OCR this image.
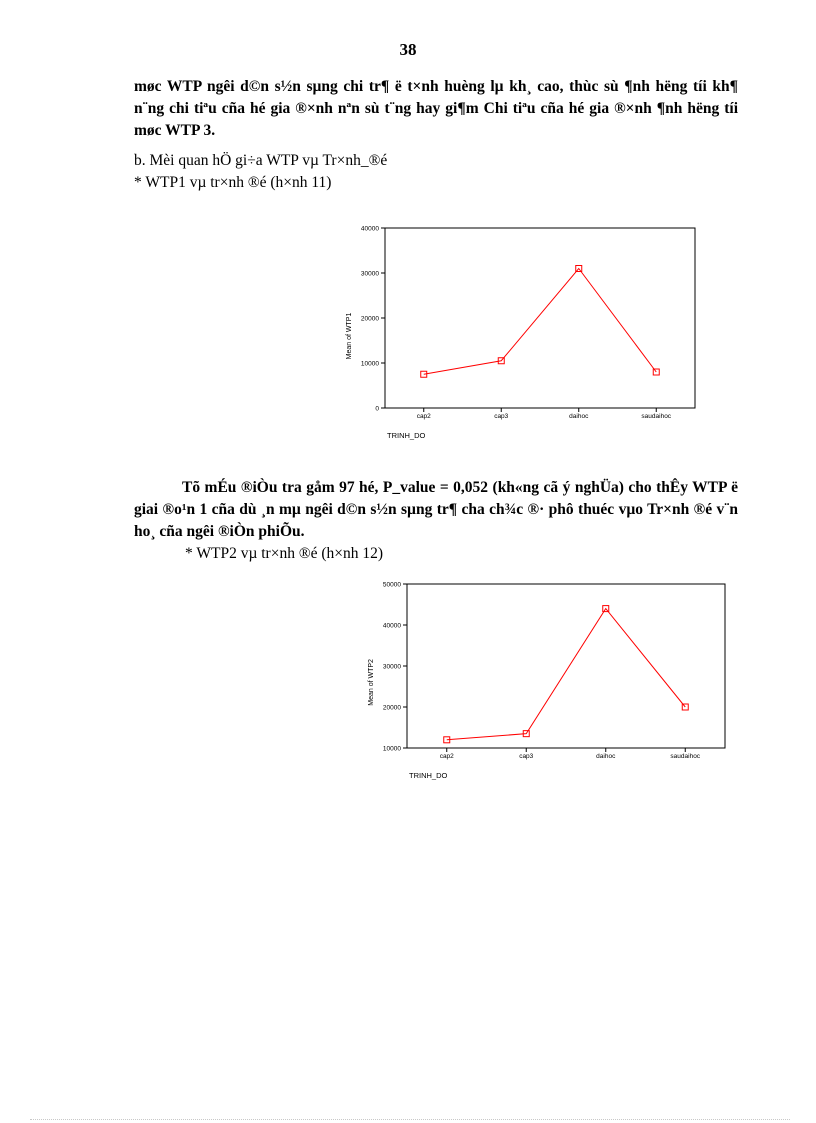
38

møc WTP ngêi d©n s½n sµng chi tr¶ ë t×nh huèng lµ kh¸ cao, thùc sù ¶nh hëng tíi kh¶ n¨ng chi tiªu cña hé gia ®×nh nªn sù t¨ng hay gi¶m Chi tiªu cña hé gia ®×nh ¶nh hëng tíi møc WTP 3.

b. Mèi quan hÖ gi÷a WTP vµ Tr×nh_®é
* WTP1 vµ tr×nh ®é (h×nh 11)
0
10000
20000
30000
40000
cap2	cap3	daihoc	saudaihoc
Mean of WTP1
TRINH_DO

Tõ mÉu ®iÒu tra gåm 97 hé, P_value = 0,052 (kh«ng cã ý nghÜa) cho thÊy WTP ë giai ®o¹n 1 cña dù ¸n mµ ngêi d©n s½n sµng tr¶ cha ch¾c ®· phô thuéc vµo Tr×nh ®é v¨n ho¸ cña ngêi ®iÒn phiÕu.

* WTP2 vµ tr×nh ®é (h×nh 12)
10000
20000
30000
40000
50000
cap2	cap3	daihoc	saudaihoc
Mean of WTP2
TRINH_DO
